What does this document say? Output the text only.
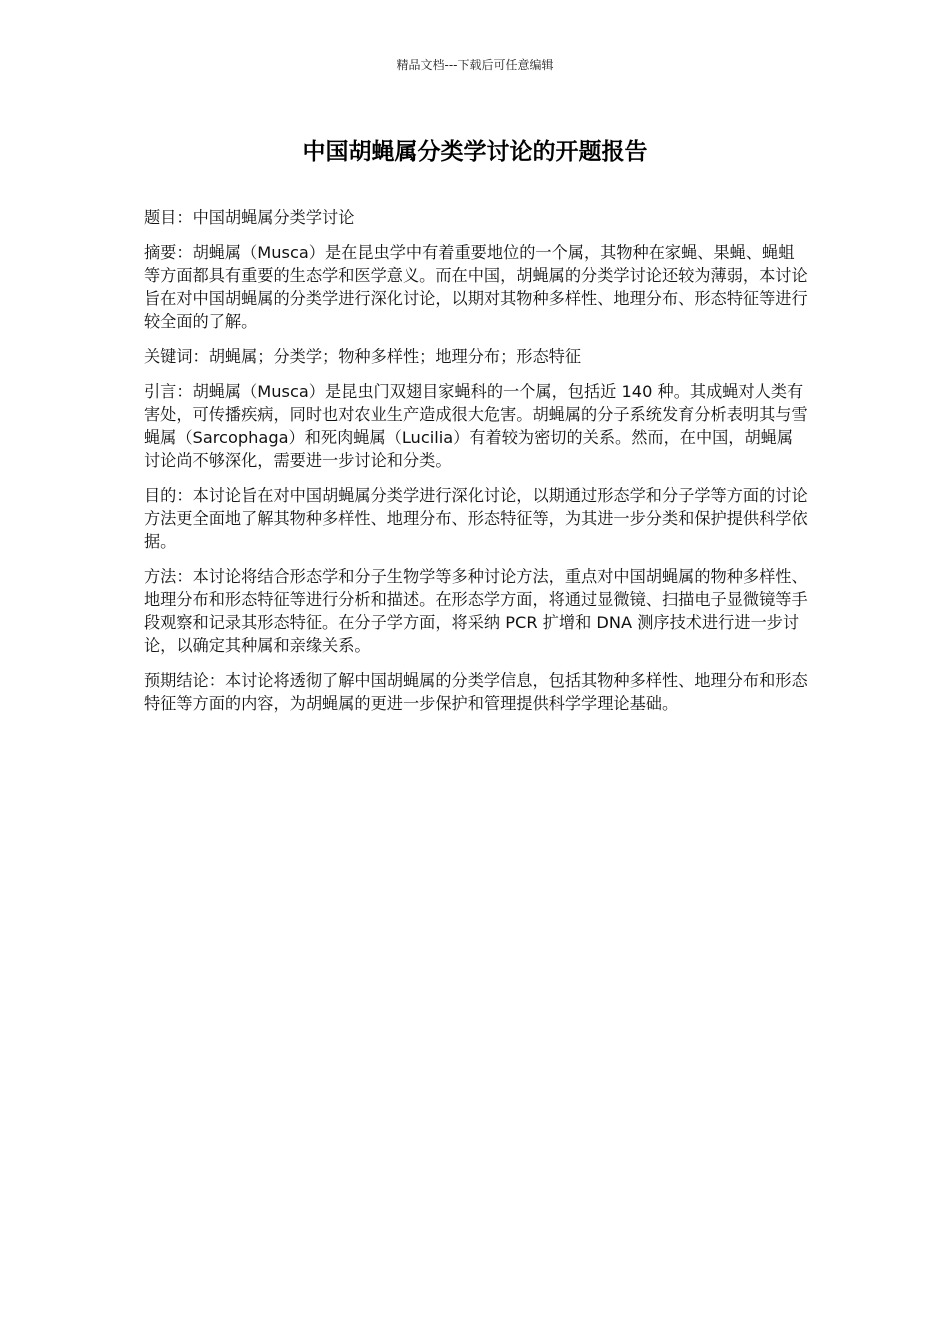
精品文档---下载后可任意编辑
中国胡蝇属分类学讨论的开题报告

题目：中国胡蝇属分类学讨论

摘要：胡蝇属（Musca）是在昆虫学中有着重要地位的一个属，其物种在家蝇、果蝇、蝇蛆等方面都具有重要的生态学和医学意义。而在中国，胡蝇属的分类学讨论还较为薄弱，本讨论旨在对中国胡蝇属的分类学进行深化讨论，以期对其物种多样性、地理分布、形态特征等进行较全面的了解。

关键词：胡蝇属；分类学；物种多样性；地理分布；形态特征

引言：胡蝇属（Musca）是昆虫门双翅目家蝇科的一个属，包括近 140 种。其成蝇对人类有害处，可传播疾病，同时也对农业生产造成很大危害。胡蝇属的分子系统发育分析表明其与雪蝇属（Sarcophaga）和死肉蝇属（Lucilia）有着较为密切的关系。然而，在中国，胡蝇属讨论尚不够深化，需要进一步讨论和分类。

目的：本讨论旨在对中国胡蝇属分类学进行深化讨论，以期通过形态学和分子学等方面的讨论方法更全面地了解其物种多样性、地理分布、形态特征等，为其进一步分类和保护提供科学依据。

方法：本讨论将结合形态学和分子生物学等多种讨论方法，重点对中国胡蝇属的物种多样性、地理分布和形态特征等进行分析和描述。在形态学方面，将通过显微镜、扫描电子显微镜等手段观察和记录其形态特征。在分子学方面，将采纳 PCR 扩增和 DNA 测序技术进行进一步讨论，以确定其种属和亲缘关系。

预期结论：本讨论将透彻了解中国胡蝇属的分类学信息，包括其物种多样性、地理分布和形态特征等方面的内容，为胡蝇属的更进一步保护和管理提供科学学理论基础。
